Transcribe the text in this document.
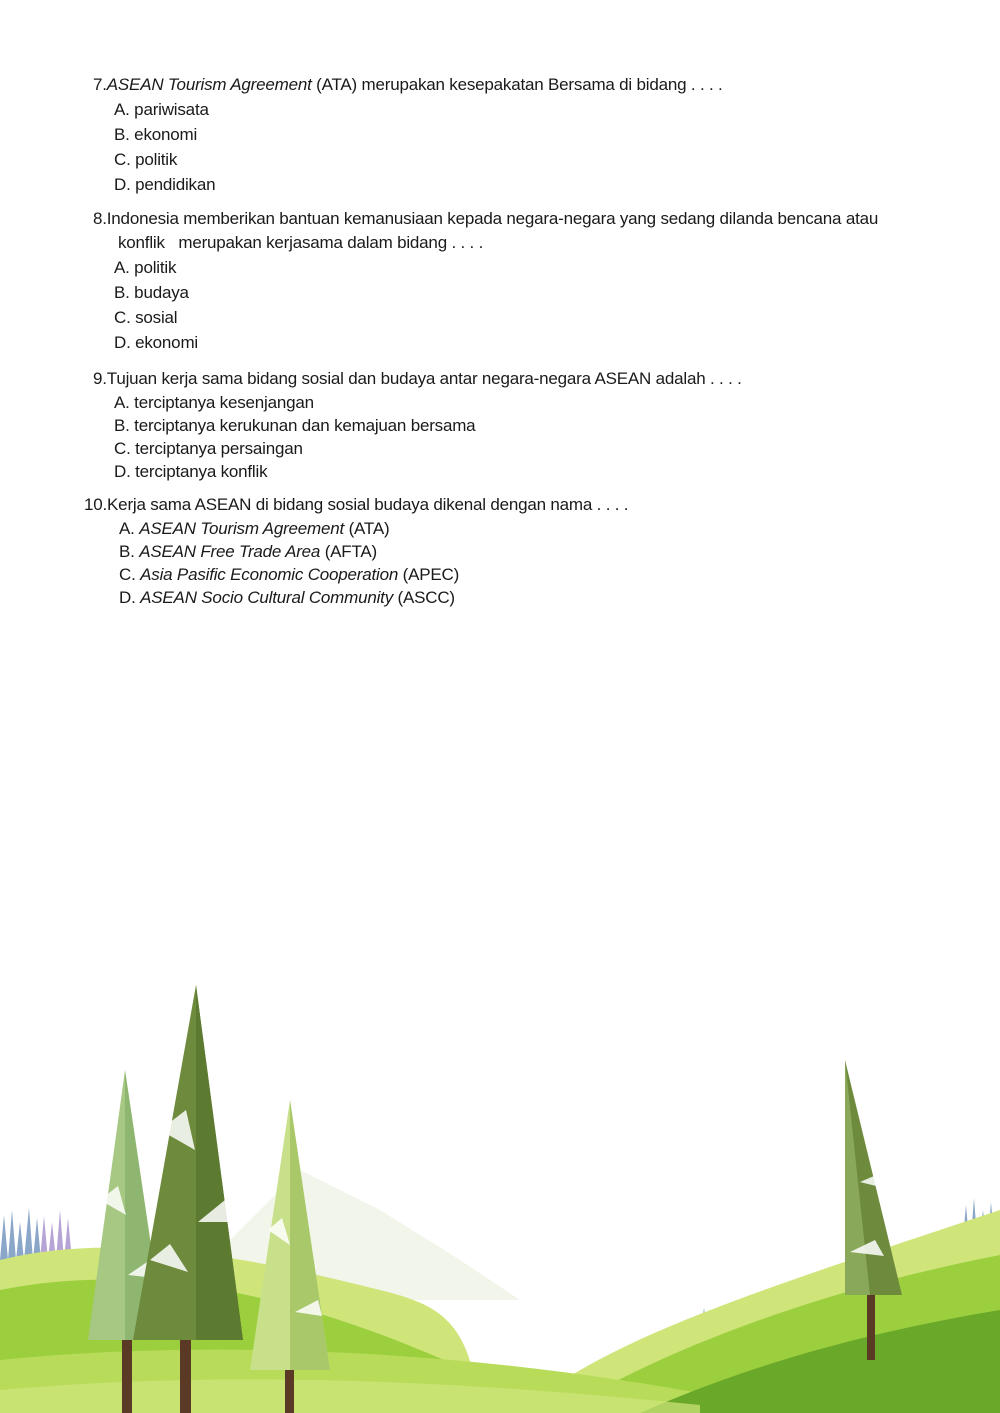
7. ASEAN Tourism Agreement (ATA) merupakan kesepakatan Bersama di bidang . . . .
A. pariwisata
B. ekonomi
C. politik
D. pendidikan
8. Indonesia memberikan bantuan kemanusiaan kepada negara-negara yang sedang dilanda bencana atau
konflik   merupakan kerjasama dalam bidang . . . .
A. politik
B. budaya
C. sosial
D. ekonomi
9. Tujuan kerja sama bidang sosial dan budaya antar negara-negara ASEAN adalah . . . .
A. terciptanya kesenjangan
B. terciptanya kerukunan dan kemajuan bersama
C. terciptanya persaingan
D. terciptanya konflik
10. Kerja sama ASEAN di bidang sosial budaya dikenal dengan nama . . . .
A. ASEAN Tourism Agreement (ATA)
B. ASEAN Free Trade Area (AFTA)
C. Asia Pasific Economic Cooperation (APEC)
D. ASEAN Socio Cultural Community (ASCC)
